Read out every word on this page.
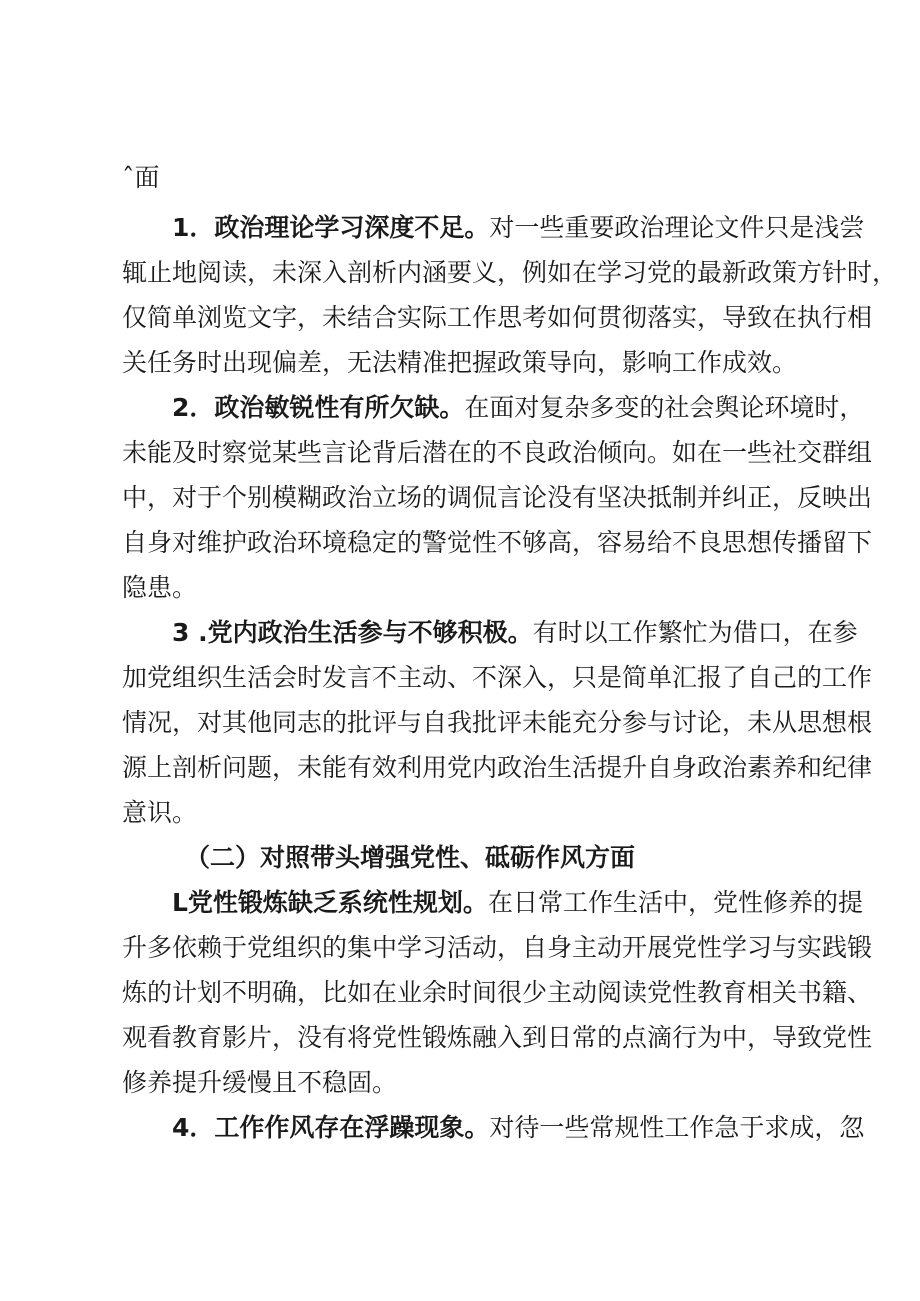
ˆ面
1．政治理论学习深度不足。对一些重要政治理论文件只是浅尝
辄止地阅读，未深入剖析内涵要义，例如在学习党的最新政策方针时，
仅简单浏览文字，未结合实际工作思考如何贯彻落实，导致在执行相
关任务时出现偏差，无法精准把握政策导向，影响工作成效。
2．政治敏锐性有所欠缺。在面对复杂多变的社会舆论环境时，
未能及时察觉某些言论背后潜在的不良政治倾向。如在一些社交群组
中，对于个别模糊政治立场的调侃言论没有坚决抵制并纠正，反映出
自身对维护政治环境稳定的警觉性不够高，容易给不良思想传播留下
隐患。
3 .党内政治生活参与不够积极。有时以工作繁忙为借口，在参
加党组织生活会时发言不主动、不深入，只是简单汇报了自己的工作
情况，对其他同志的批评与自我批评未能充分参与讨论，未从思想根
源上剖析问题，未能有效利用党内政治生活提升自身政治素养和纪律
意识。
（二）对照带头增强党性、砥砺作风方面
L党性锻炼缺乏系统性规划。在日常工作生活中，党性修养的提
升多依赖于党组织的集中学习活动，自身主动开展党性学习与实践锻
炼的计划不明确，比如在业余时间很少主动阅读党性教育相关书籍、
观看教育影片，没有将党性锻炼融入到日常的点滴行为中，导致党性
修养提升缓慢且不稳固。
4．工作作风存在浮躁现象。对待一些常规性工作急于求成，忽
